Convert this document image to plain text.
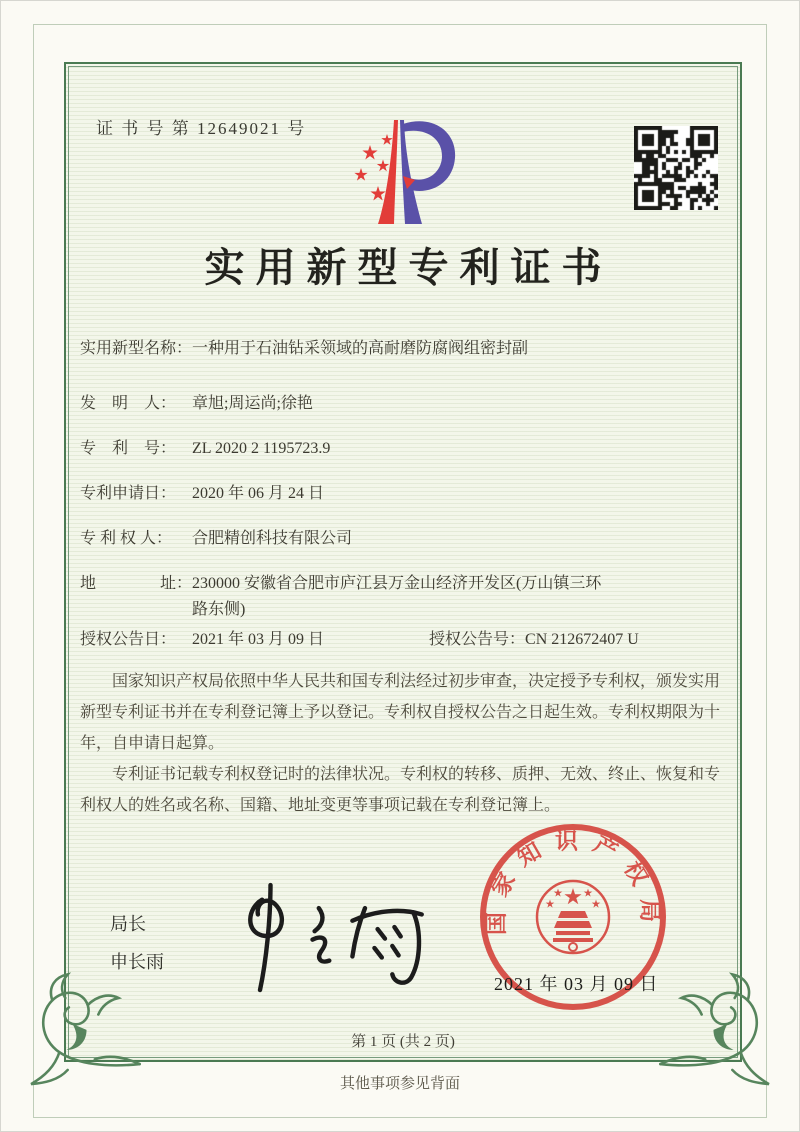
证 书 号 第 12649021 号
实用新型专利证书
实用新型名称： 一种用于石油钻采领域的高耐磨防腐阀组密封副
发　明　人： 章旭;周运尚;徐艳
专　利　号： ZL 2020 2 1195723.9
专利申请日： 2020 年 06 月 24 日
专 利 权 人：	合肥精创科技有限公司
地　　　　址： 230000 安徽省合肥市庐江县万金山经济开发区(万山镇三环路东侧)
授权公告日： 2021 年 03 月 09 日	授权公告号：CN 212672407 U

国家知识产权局依照中华人民共和国专利法经过初步审查，决定授予专利权，颁发实用新型专利证书并在专利登记簿上予以登记。专利权自授权公告之日起生效。专利权期限为十年，自申请日起算。

专利证书记载专利权登记时的法律状况。专利权的转移、质押、无效、终止、恢复和专利权人的姓名或名称、国籍、地址变更等事项记载在专利登记簿上。

局长
申长雨
国家知识产权局
2021 年 03 月 09 日
第 1 页 (共 2 页)
其他事项参见背面
